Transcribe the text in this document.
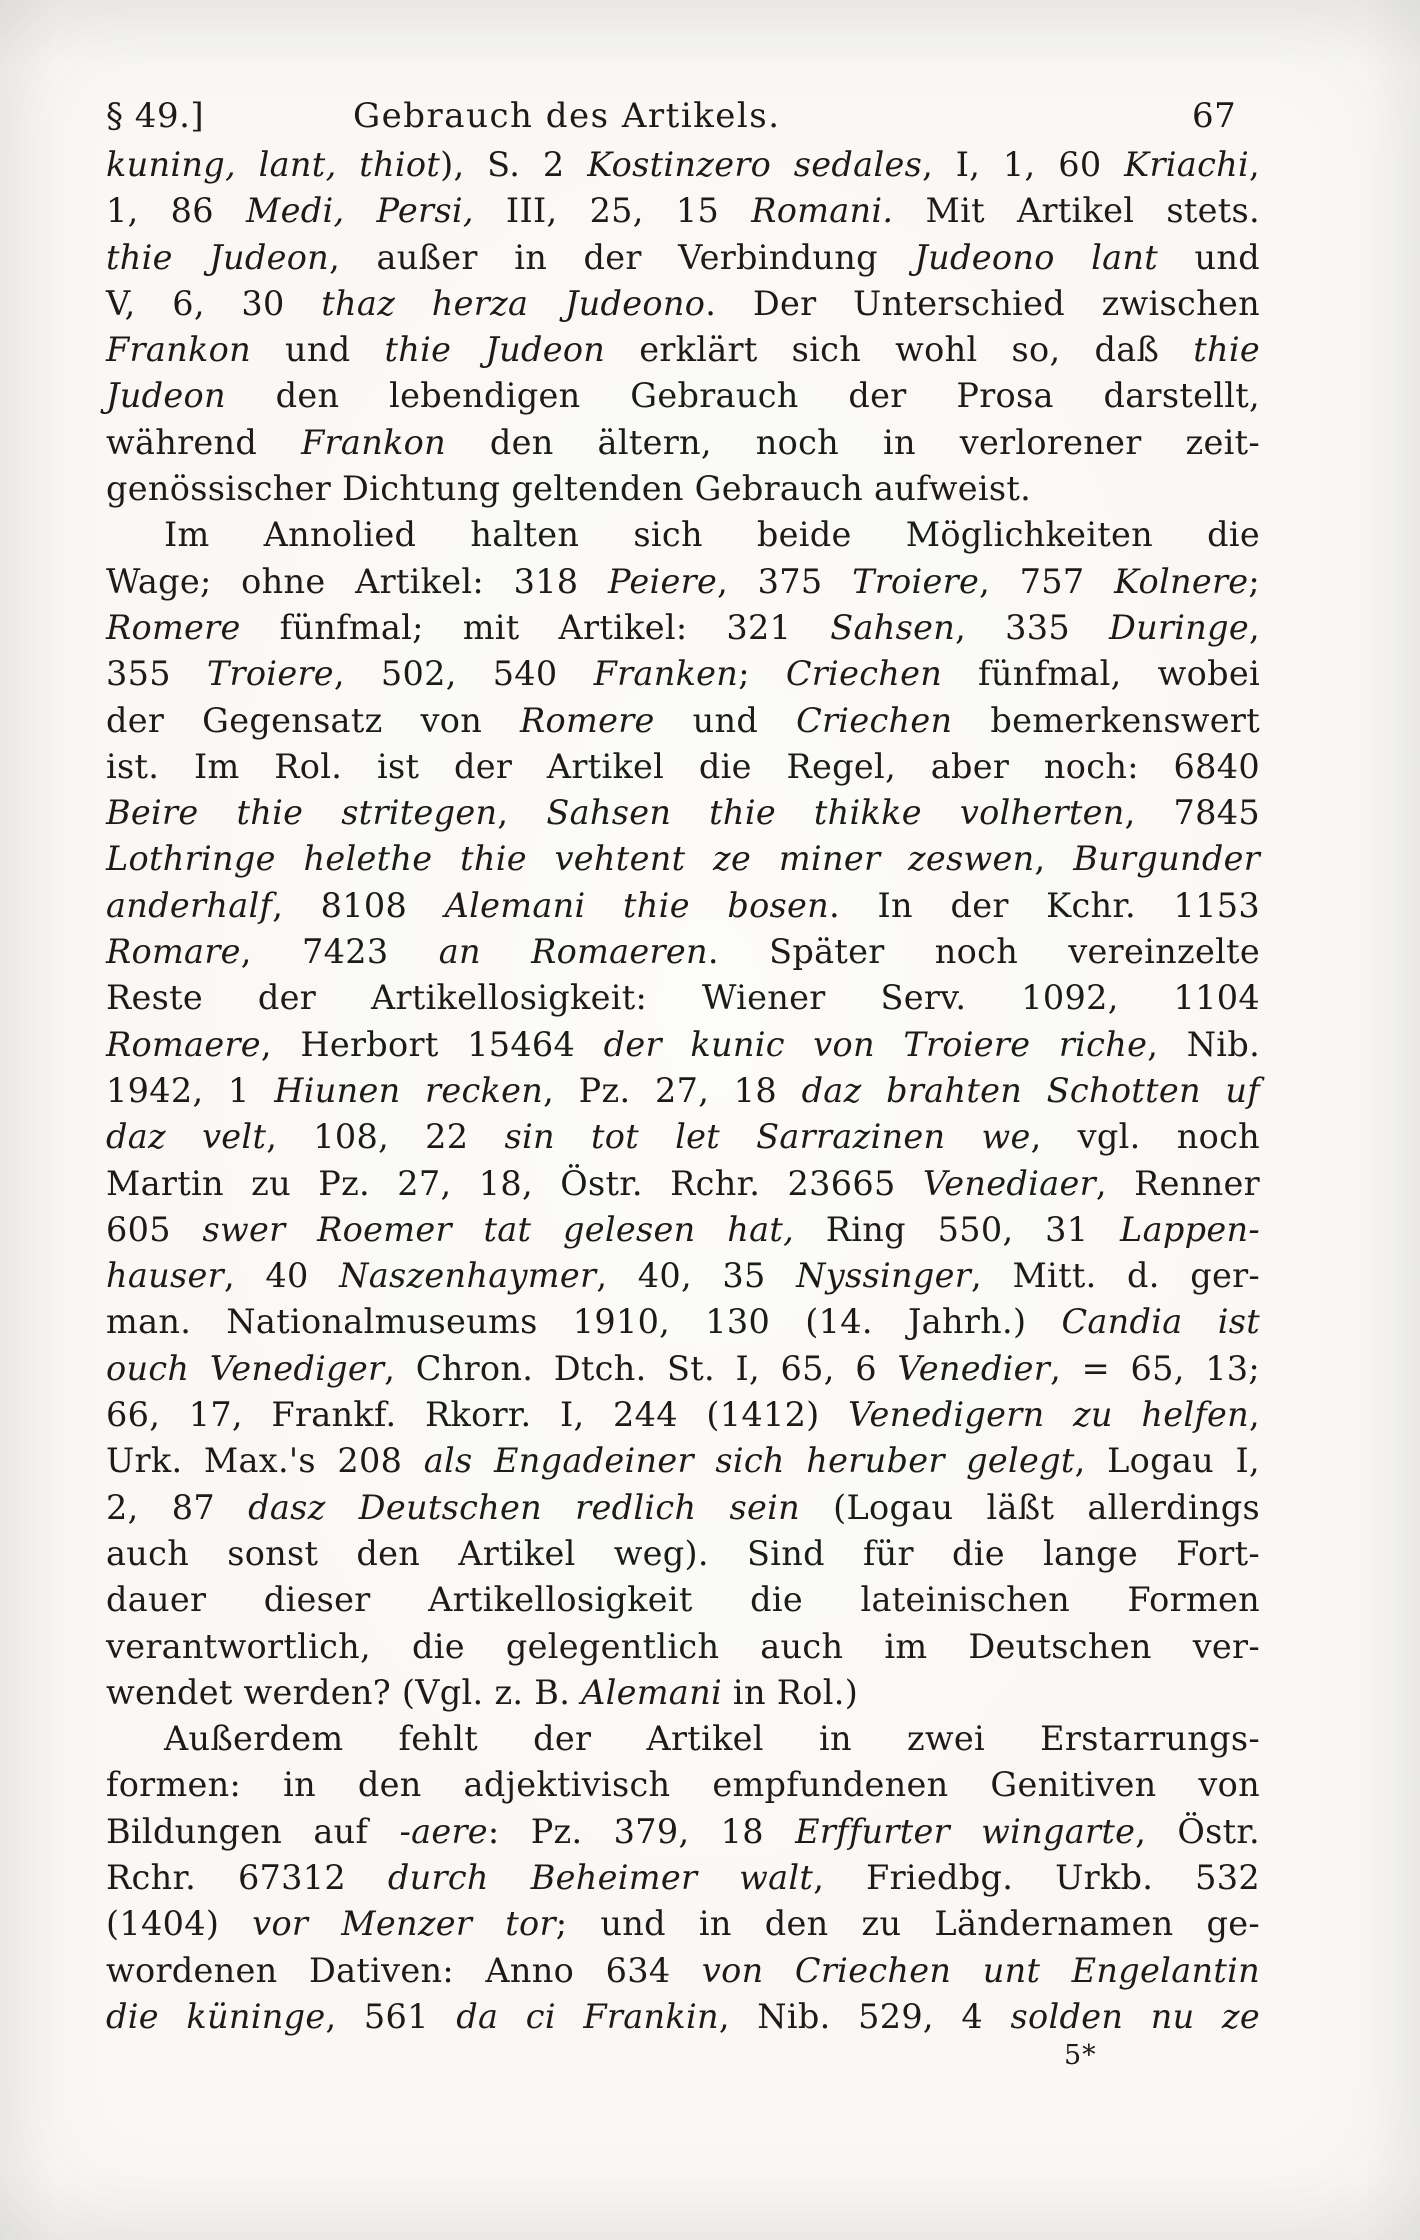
§ 49.]	Gebrauch des Artikels.	67
kuning, lant, thiot), S. 2 Kostinzero sedales, I, 1, 60 Kriachi,
1, 86 Medi, Persi, III, 25, 15 Romani. Mit Artikel stets.
thie Judeon, außer in der Verbindung Judeono lant und
V, 6, 30 thaz herza Judeono. Der Unterschied zwischen
Frankon und thie Judeon erklärt sich wohl so, daß thie
Judeon den lebendigen Gebrauch der Prosa darstellt,
während Frankon den ältern, noch in verlorener zeit-
genössischer Dichtung geltenden Gebrauch aufweist.
Im Annolied halten sich beide Möglichkeiten die
Wage; ohne Artikel: 318 Peiere, 375 Troiere, 757 Kolnere;
Romere fünfmal; mit Artikel: 321 Sahsen, 335 Duringe,
355 Troiere, 502, 540 Franken; Criechen fünfmal, wobei
der Gegensatz von Romere und Criechen bemerkenswert
ist. Im Rol. ist der Artikel die Regel, aber noch: 6840
Beire thie stritegen, Sahsen thie thikke volherten, 7845
Lothringe helethe thie vehtent ze miner zeswen, Burgunder
anderhalf, 8108 Alemani thie bosen. In der Kchr. 1153
Romare, 7423 an Romaeren. Später noch vereinzelte
Reste der Artikellosigkeit: Wiener Serv. 1092, 1104
Romaere, Herbort 15464 der kunic von Troiere riche, Nib.
1942, 1 Hiunen recken, Pz. 27, 18 daz brahten Schotten uf
daz velt, 108, 22 sin tot let Sarrazinen we, vgl. noch
Martin zu Pz. 27, 18, Östr. Rchr. 23665 Venediaer, Renner
605 swer Roemer tat gelesen hat, Ring 550, 31 Lappen-
hauser, 40 Naszenhaymer, 40, 35 Nyssinger, Mitt. d. ger-
man. Nationalmuseums 1910, 130 (14. Jahrh.) Candia ist
ouch Venediger, Chron. Dtch. St. I, 65, 6 Venedier, = 65, 13;
66, 17, Frankf. Rkorr. I, 244 (1412) Venedigern zu helfen,
Urk. Max.'s 208 als Engadeiner sich heruber gelegt, Logau I,
2, 87 dasz Deutschen redlich sein (Logau läßt allerdings
auch sonst den Artikel weg). Sind für die lange Fort-
dauer dieser Artikellosigkeit die lateinischen Formen
verantwortlich, die gelegentlich auch im Deutschen ver-
wendet werden? (Vgl. z. B. Alemani in Rol.)
Außerdem fehlt der Artikel in zwei Erstarrungs-
formen: in den adjektivisch empfundenen Genitiven von
Bildungen auf -aere: Pz. 379, 18 Erffurter wingarte, Östr.
Rchr. 67312 durch Beheimer walt, Friedbg. Urkb. 532
(1404) vor Menzer tor; und in den zu Ländernamen ge-
wordenen Dativen: Anno 634 von Criechen unt Engelantin
die küninge, 561 da ci Frankin, Nib. 529, 4 solden nu ze
5*
